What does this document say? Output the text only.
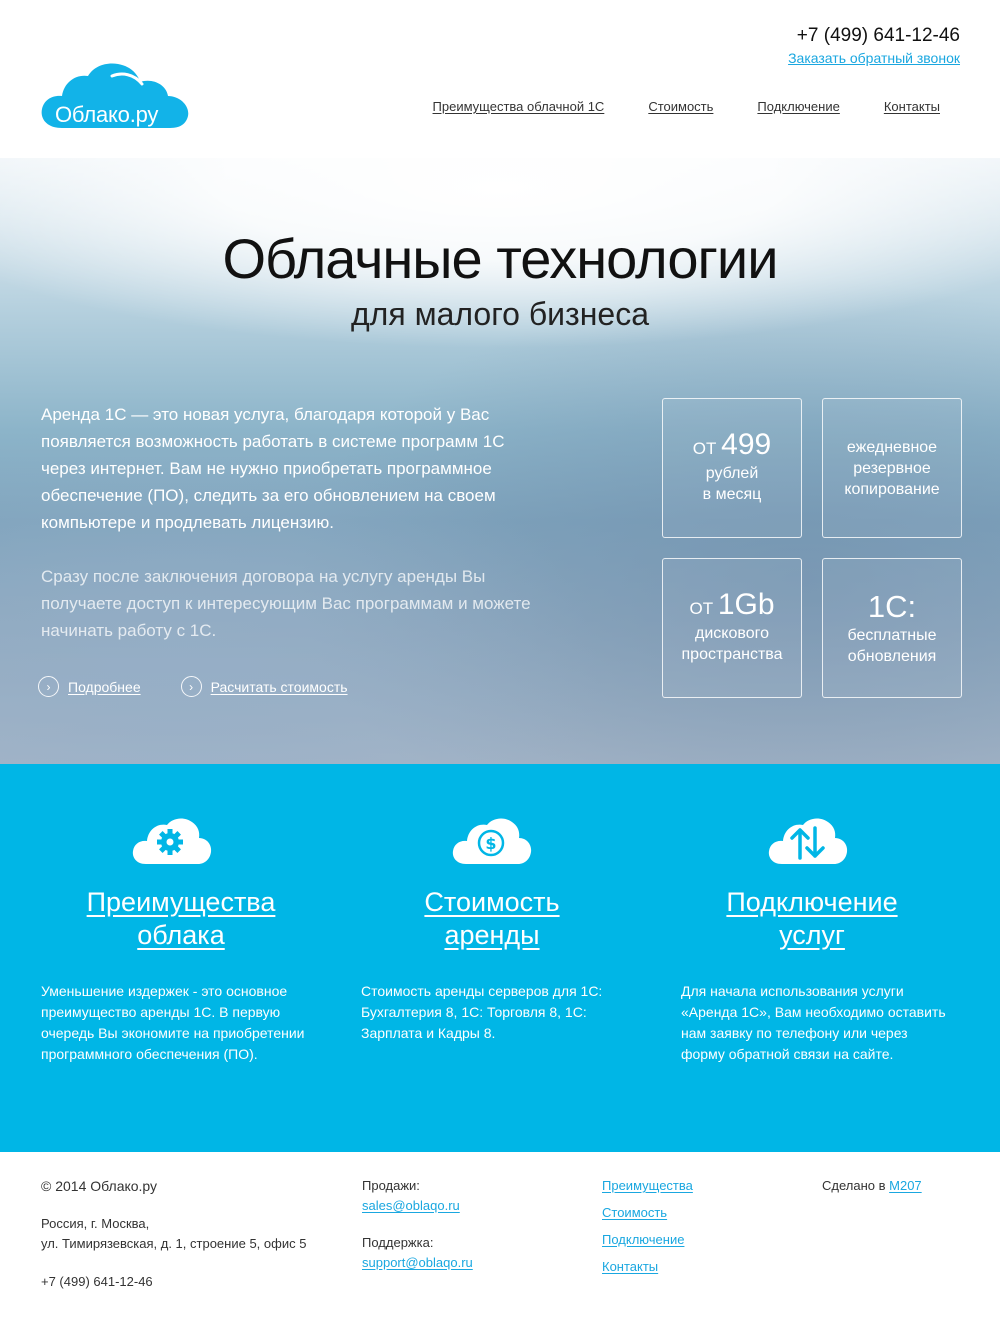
Облако.ру
+7 (499) 641-12-46
Заказать обратный звонок
Преимущества облачной 1С	Стоимость	Подключение	Контакты
Облачные технологии
для малого бизнеса

Аренда 1С — это новая услуга, благодаря которой у Вас появляется возможность работать в системе программ 1С через интернет. Вам не нужно приобретать программное обеспечение (ПО), следить за его обновлением на своем компьютере и продлевать лицензию.

Сразу после заключения договора на услугу аренды Вы получаете доступ к интересующим Вас программам и можете начинать работу с 1С.

›	Подробнее	›	Расчитать стоимость
ОТ 499
рублей
в месяц
ежедневное
резервное
копирование
ОТ 1Gb
дискового
пространства
1С:
бесплатные
обновления
Преимущества
облака

Уменьшение издержек - это основное преимущество аренды 1С. В первую очередь Вы экономите на приобретении программного обеспечения (ПО).

$
Стоимость
аренды

Стоимость аренды серверов для 1С: Бухгалтерия 8, 1С: Торговля 8, 1С: Зарплата и Кадры 8.

Подключение
услуг

Для начала использования услуги «Аренда 1С», Вам необходимо оставить нам заявку по телефону или через форму обратной связи на сайте.

© 2014 Облако.ру
Россия, г. Москва,
ул. Тимирязевская, д. 1, строение 5, офис 5
+7 (499) 641-12-46
Продажи:
sales@oblaqo.ru
Поддержка:
support@oblaqo.ru
Преимущества
Стоимость
Подключение
Контакты
Сделано в M207
